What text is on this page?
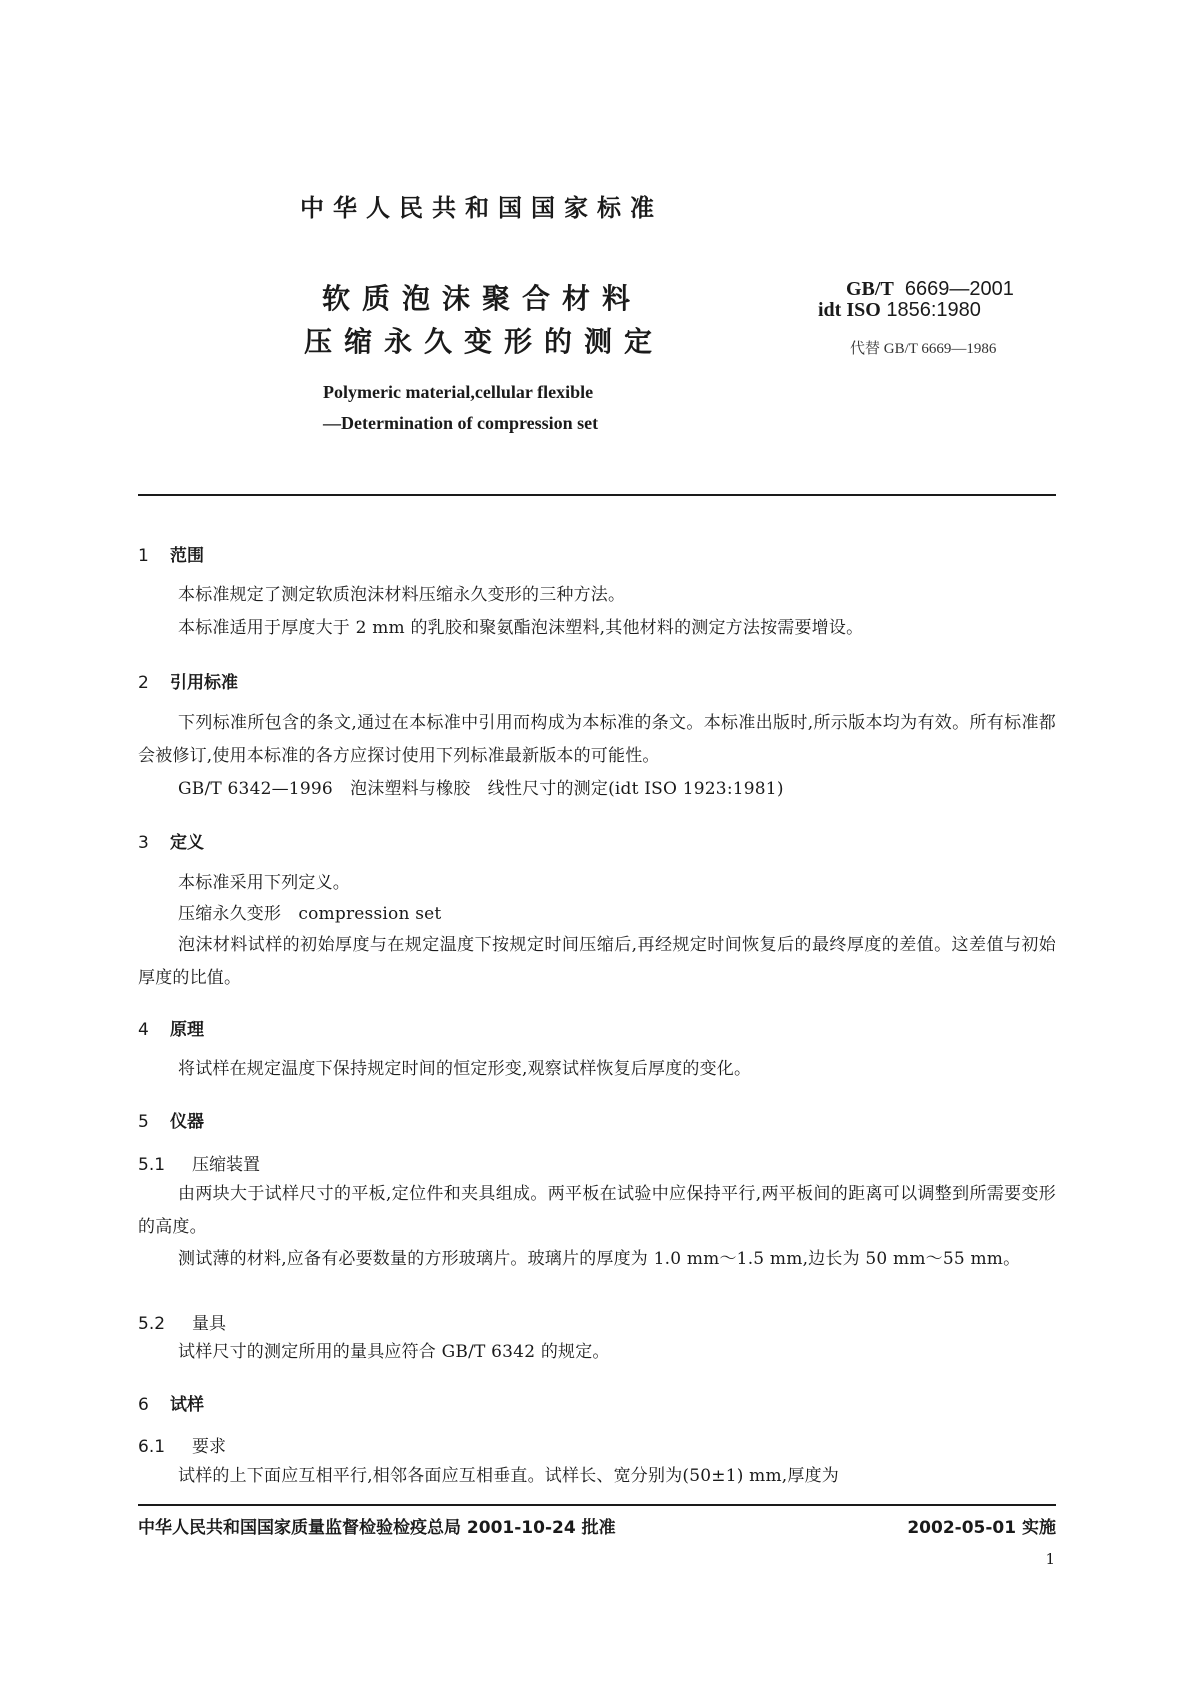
中华人民共和国国家标准
软质泡沫聚合材料
压缩永久变形的测定
GB/T 6669—2001
idt ISO 1856:1980
代替 GB/T 6669—1986
Polymeric material,cellular flexible
—Determination of compression set
1 范围
本标准规定了测定软质泡沫材料压缩永久变形的三种方法。
本标准适用于厚度大于 2 mm 的乳胶和聚氨酯泡沫塑料,其他材料的测定方法按需要增设。
2 引用标准
下列标准所包含的条文,通过在本标准中引用而构成为本标准的条文。本标准出版时,所示版本均为有效。所有标准都会被修订,使用本标准的各方应探讨使用下列标准最新版本的可能性。
GB/T 6342—1996　泡沫塑料与橡胶　线性尺寸的测定(idt ISO 1923:1981)
3 定义
本标准采用下列定义。
压缩永久变形　compression set
泡沫材料试样的初始厚度与在规定温度下按规定时间压缩后,再经规定时间恢复后的最终厚度的差值。这差值与初始厚度的比值。
4 原理
将试样在规定温度下保持规定时间的恒定形变,观察试样恢复后厚度的变化。
5 仪器
5.1 压缩装置
由两块大于试样尺寸的平板,定位件和夹具组成。两平板在试验中应保持平行,两平板间的距离可以调整到所需要变形的高度。
测试薄的材料,应备有必要数量的方形玻璃片。玻璃片的厚度为 1.0 mm～1.5 mm,边长为 50 mm～55 mm。
5.2 量具
试样尺寸的测定所用的量具应符合 GB/T 6342 的规定。
6 试样
6.1 要求
试样的上下面应互相平行,相邻各面应互相垂直。试样长、宽分别为(50±1) mm,厚度为
中华人民共和国国家质量监督检验检疫总局 2001-10-24 批准	2002-05-01 实施
1
